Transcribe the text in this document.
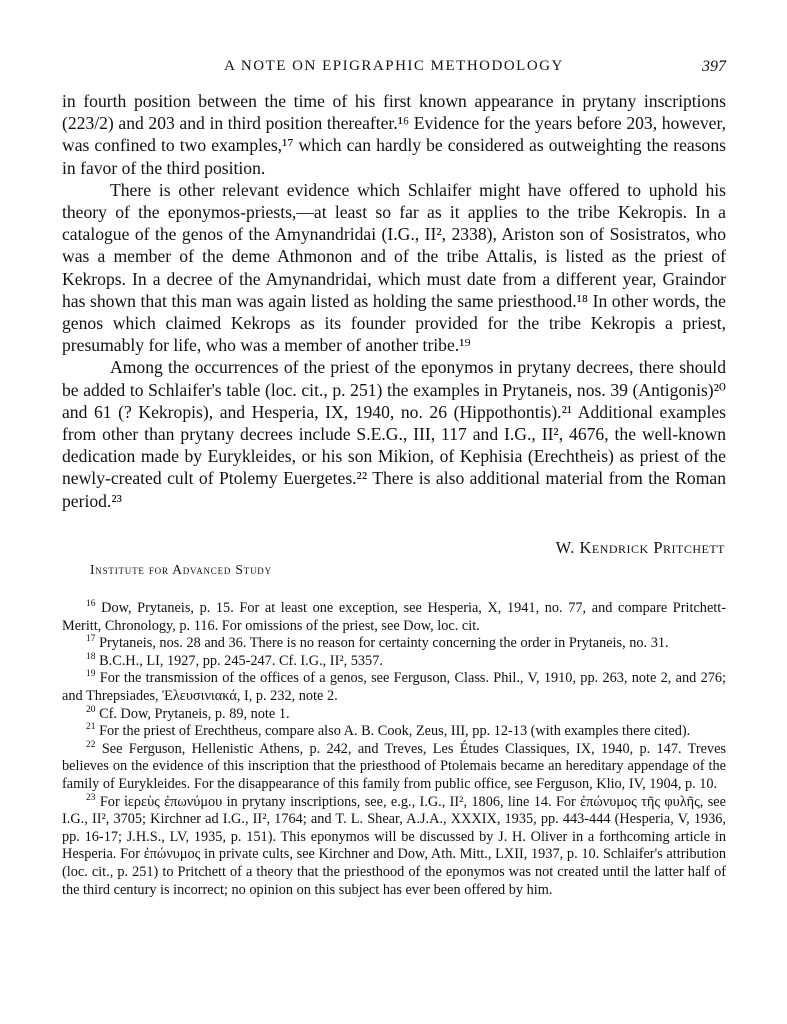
A NOTE ON EPIGRAPHIC METHODOLOGY	397

in fourth position between the time of his first known appearance in prytany inscriptions (223/2) and 203 and in third position thereafter.¹⁶ Evidence for the years before 203, however, was confined to two examples,¹⁷ which can hardly be considered as outweighting the reasons in favor of the third position.

There is other relevant evidence which Schlaifer might have offered to uphold his theory of the eponymos-priests,—at least so far as it applies to the tribe Kekropis. In a catalogue of the genos of the Amynandridai (I.G., II², 2338), Ariston son of Sosistratos, who was a member of the deme Athmonon and of the tribe Attalis, is listed as the priest of Kekrops. In a decree of the Amynandridai, which must date from a different year, Graindor has shown that this man was again listed as holding the same priesthood.¹⁸ In other words, the genos which claimed Kekrops as its founder provided for the tribe Kekropis a priest, presumably for life, who was a member of another tribe.¹⁹

Among the occurrences of the priest of the eponymos in prytany decrees, there should be added to Schlaifer's table (loc. cit., p. 251) the examples in Prytaneis, nos. 39 (Antigonis)²⁰ and 61 (? Kekropis), and Hesperia, IX, 1940, no. 26 (Hippothontis).²¹ Additional examples from other than prytany decrees include S.E.G., III, 117 and I.G., II², 4676, the well-known dedication made by Eurykleides, or his son Mikion, of Kephisia (Erechtheis) as priest of the newly-created cult of Ptolemy Euergetes.²² There is also additional material from the Roman period.²³

W. Kendrick Pritchett
Institute for Advanced Study

$^{16}$ Dow, Prytaneis, p. 15. For at least one exception, see Hesperia, X, 1941, no. 77, and compare Pritchett-Meritt, Chronology, p. 116. For omissions of the priest, see Dow, loc. cit.

$^{17}$ Prytaneis, nos. 28 and 36. There is no reason for certainty concerning the order in Prytaneis, no. 31.

$^{18}$ B.C.H., LI, 1927, pp. 245-247. Cf. I.G., II², 5357.

$^{19}$ For the transmission of the offices of a genos, see Ferguson, Class. Phil., V, 1910, pp. 263, note 2, and 276; and Threpsiades, Ἐλευσινιακά, I, p. 232, note 2.

$^{20}$ Cf. Dow, Prytaneis, p. 89, note 1.

$^{21}$ For the priest of Erechtheus, compare also A. B. Cook, Zeus, III, pp. 12-13 (with examples there cited).

$^{22}$ See Ferguson, Hellenistic Athens, p. 242, and Treves, Les Études Classiques, IX, 1940, p. 147. Treves believes on the evidence of this inscription that the priesthood of Ptolemais became an hereditary appendage of the family of Eurykleides. For the disappearance of this family from public office, see Ferguson, Klio, IV, 1904, p. 10.

$^{23}$ For ἱερεὺς ἐπωνύμου in prytany inscriptions, see, e.g., I.G., II², 1806, line 14. For ἐπώνυμος τῆς φυλῆς, see I.G., II², 3705; Kirchner ad I.G., II², 1764; and T. L. Shear, A.J.A., XXXIX, 1935, pp. 443-444 (Hesperia, V, 1936, pp. 16-17; J.H.S., LV, 1935, p. 151). This eponymos will be discussed by J. H. Oliver in a forthcoming article in Hesperia. For ἐπώνυμος in private cults, see Kirchner and Dow, Ath. Mitt., LXII, 1937, p. 10. Schlaifer's attribution (loc. cit., p. 251) to Pritchett of a theory that the priesthood of the eponymos was not created until the latter half of the third century is incorrect; no opinion on this subject has ever been offered by him.
